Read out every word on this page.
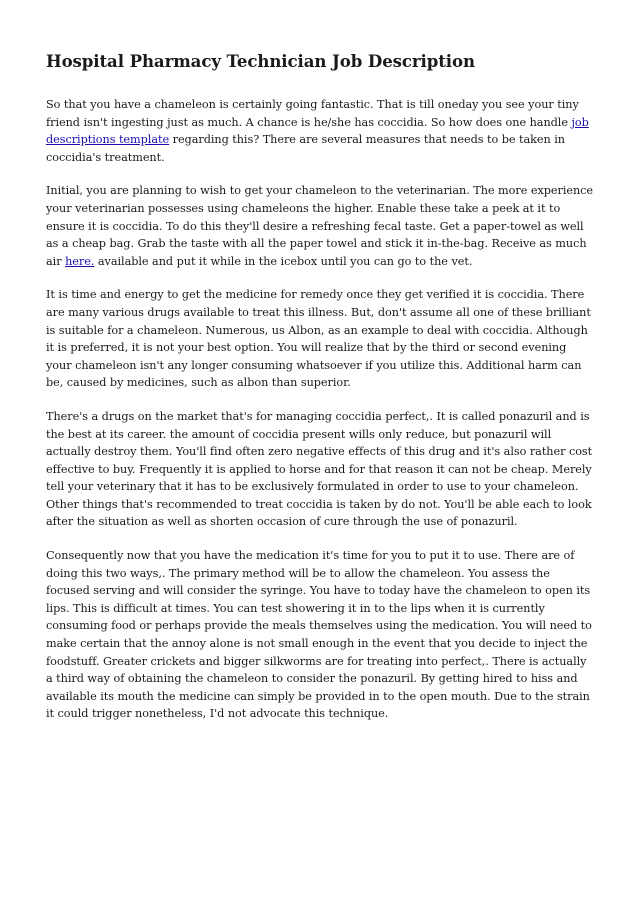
Hospital Pharmacy Technician Job Description

So that you have a chameleon is certainly going fantastic. That is till oneday you see your tiny friend isn't ingesting just as much. A chance is he/she has coccidia. So how does one handle job descriptions template regarding this? There are several measures that needs to be taken in coccidia's treatment.

Initial, you are planning to wish to get your chameleon to the veterinarian. The more experience your veterinarian possesses using chameleons the higher. Enable these take a peek at it to ensure it is coccidia. To do this they'll desire a refreshing fecal taste. Get a paper-towel as well as a cheap bag. Grab the taste with all the paper towel and stick it in-the-bag. Receive as much air here. available and put it while in the icebox until you can go to the vet.

It is time and energy to get the medicine for remedy once they get verified it is coccidia. There are many various drugs available to treat this illness. But, don't assume all one of these brilliant is suitable for a chameleon. Numerous, us Albon, as an example to deal with coccidia. Although it is preferred, it is not your best option. You will realize that by the third or second evening your chameleon isn't any longer consuming whatsoever if you utilize this. Additional harm can be, caused by medicines, such as albon than superior.

There's a drugs on the market that's for managing coccidia perfect,. It is called ponazuril and is the best at its career. the amount of coccidia present wills only reduce, but ponazuril will actually destroy them. You'll find often zero negative effects of this drug and it's also rather cost effective to buy. Frequently it is applied to horse and for that reason it can not be cheap. Merely tell your veterinary that it has to be exclusively formulated in order to use to your chameleon. Other things that's recommended to treat coccidia is taken by do not. You'll be able each to look after the situation as well as shorten occasion of cure through the use of ponazuril.

Consequently now that you have the medication it's time for you to put it to use. There are of doing this two ways,. The primary method will be to allow the chameleon. You assess the focused serving and will consider the syringe. You have to today have the chameleon to open its lips. This is difficult at times. You can test showering it in to the lips when it is currently consuming food or perhaps provide the meals themselves using the medication. You will need to make certain that the annoy alone is not small enough in the event that you decide to inject the foodstuff. Greater crickets and bigger silkworms are for treating into perfect,. There is actually a third way of obtaining the chameleon to consider the ponazuril. By getting hired to hiss and available its mouth the medicine can simply be provided in to the open mouth. Due to the strain it could trigger nonetheless, I'd not advocate this technique.
